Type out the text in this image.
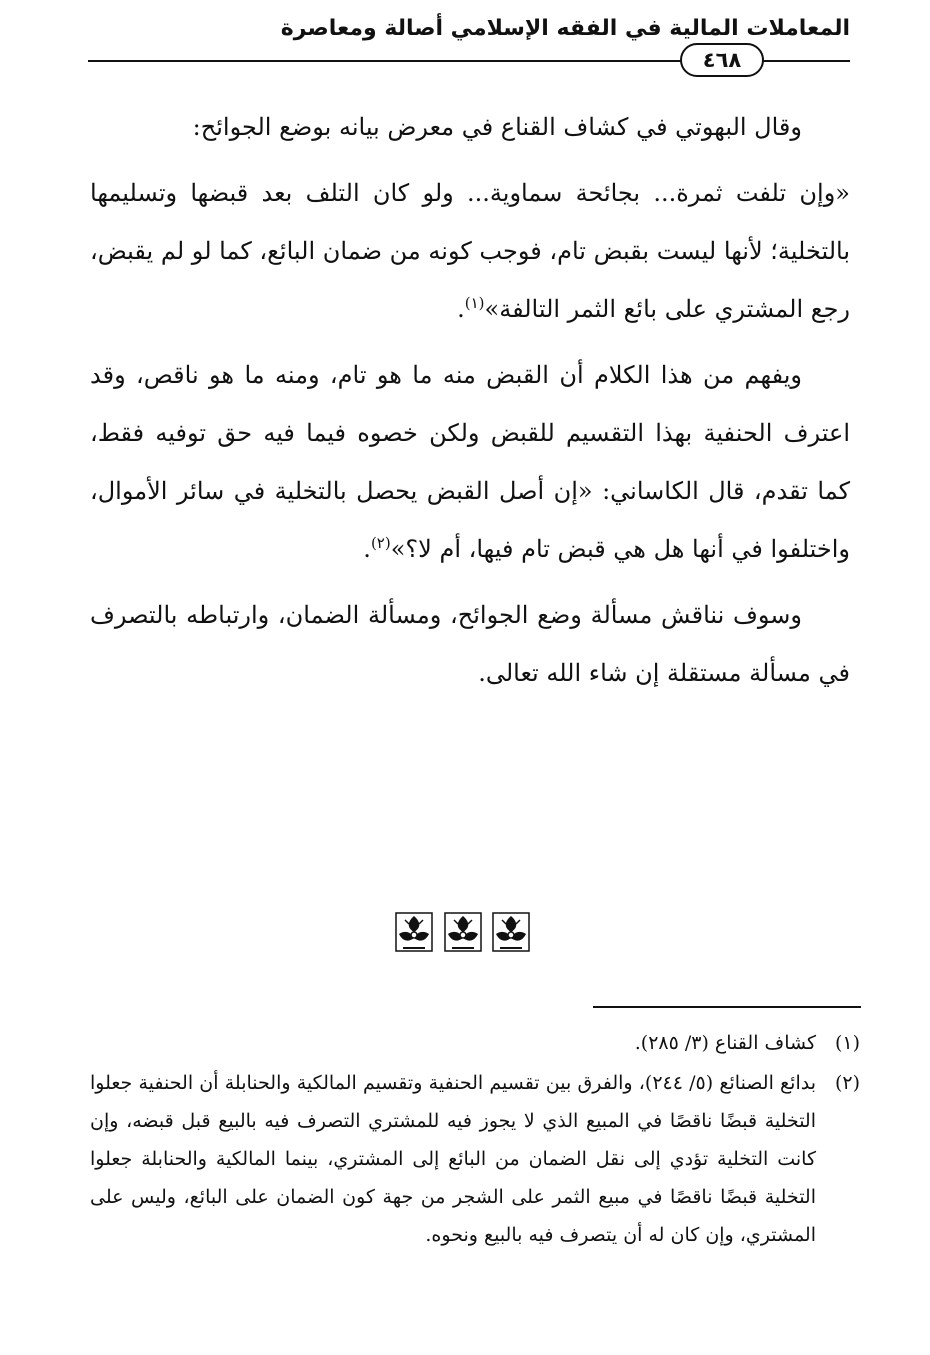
المعاملات المالية في الفقه الإسلامي أصالة ومعاصرة
٤٦٨

وقال البهوتي في كشاف القناع في معرض بيانه بوضع الجوائح:

«وإن تلفت ثمرة... بجائحة سماوية... ولو كان التلف بعد قبضها وتسليمها بالتخلية؛ لأنها ليست بقبض تام، فوجب كونه من ضمان البائع، كما لو لم يقبض، رجع المشتري على بائع الثمر التالفة»$^{(١)}$.

ويفهم من هذا الكلام أن القبض منه ما هو تام، ومنه ما هو ناقص، وقد اعترف الحنفية بهذا التقسيم للقبض ولكن خصوه فيما فيه حق توفيه فقط، كما تقدم، قال الكاساني: «إن أصل القبض يحصل بالتخلية في سائر الأموال، واختلفوا في أنها هل هي قبض تام فيها، أم لا؟»$^{(٢)}$.

وسوف نناقش مسألة وضع الجوائح، ومسألة الضمان، وارتباطه بالتصرف في مسألة مستقلة إن شاء الله تعالى.

(١)
كشاف القناع (٣/ ٢٨٥).
(٢)
بدائع الصنائع (٥/ ٢٤٤)، والفرق بين تقسيم الحنفية وتقسيم المالكية والحنابلة أن الحنفية جعلوا التخلية قبضًا ناقصًا في المبيع الذي لا يجوز فيه للمشتري التصرف فيه بالبيع قبل قبضه، وإن كانت التخلية تؤدي إلى نقل الضمان من البائع إلى المشتري، بينما المالكية والحنابلة جعلوا التخلية قبضًا ناقصًا في مبيع الثمر على الشجر من جهة كون الضمان على البائع، وليس على المشتري، وإن كان له أن يتصرف فيه بالبيع ونحوه.
